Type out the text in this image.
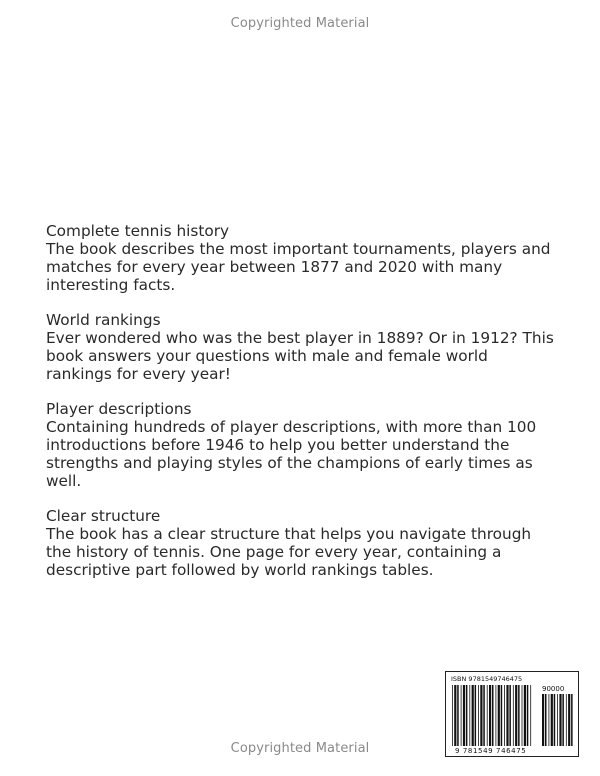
Copyrighted Material
Complete tennis history

The book describes the most important tournaments, players and matches for every year between 1877 and 2020 with many interesting facts.

World rankings

Ever wondered who was the best player in 1889? Or in 1912? This book answers your questions with male and female world rankings for every year!

Player descriptions

Containing hundreds of player descriptions, with more than 100 introductions before 1946 to help you better understand the strengths and playing styles of the champions of early times as well.

Clear structure

The book has a clear structure that helps you navigate through the history of tennis. One page for every year, containing a descriptive part followed by world rankings tables.

ISBN 9781549746475
90000
9 781549 746475
Copyrighted Material
